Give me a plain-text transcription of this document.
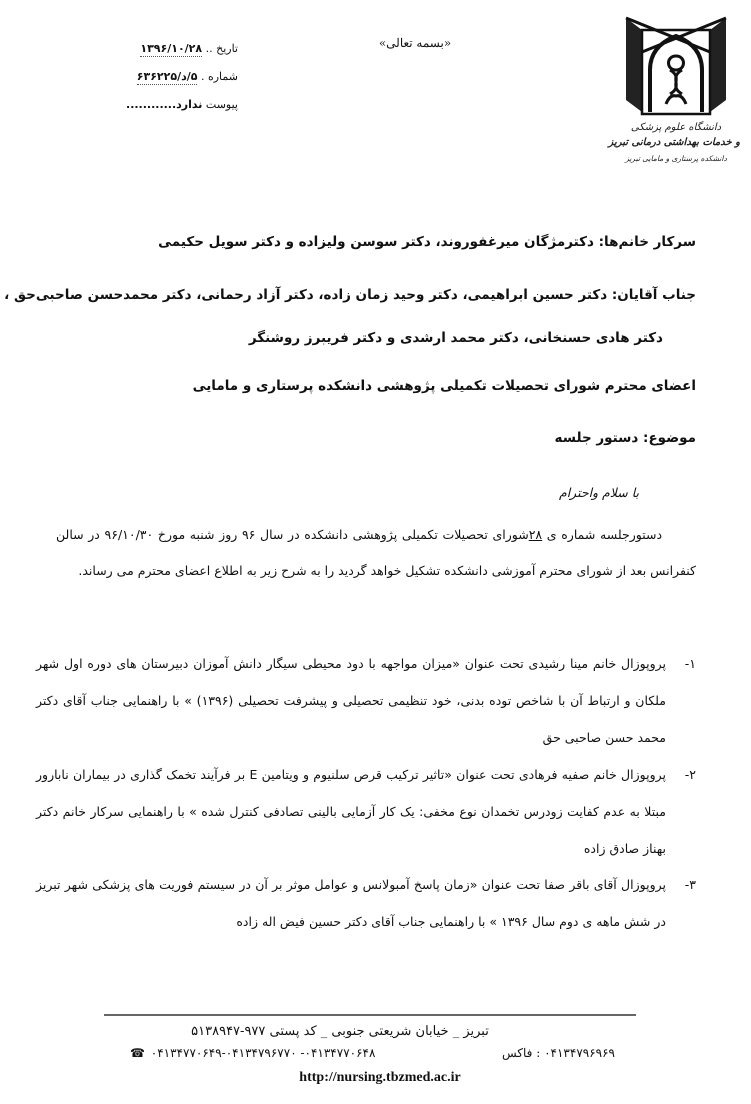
دانشگاه علوم پزشکی
و خدمات بهداشتی درمانی تبریز
دانشکده پرستاری و مامایی تبریز
«بسمه تعالی»
تاریخ .. ۱۳۹۶/۱۰/۲۸
شماره . ۵/د/۶۳۶۲۲۵
پیوست ندارد............
سرکار خانم‌ها: دکترمژگان میرغفوروند، دکتر سوسن ولیزاده و دکتر سویل حکیمی
جناب آقایان: دکتر حسین ابراهیمی، دکتر وحید زمان زاده، دکتر آزاد رحمانی، دکتر محمدحسن صاحبی‌حق ،
دکتر هادی حسنخانی، دکتر محمد ارشدی و دکتر فریبرز روشنگر
اعضای محترم شورای تحصیلات تکمیلی پژوهشی دانشکده پرستاری و مامایی
موضوع: دستور جلسه
با سلام واحترام
دستورجلسه شماره ی ۲۸شورای تحصیلات تکمیلی پژوهشی دانشکده در سال ۹۶ روز شنبه مورخ ۹۶/۱۰/۳۰ در سالن کنفرانس بعد از شورای محترم آموزشی دانشکده تشکیل خواهد گردید را به شرح زیر به اطلاع اعضای محترم می رساند.
۱-
پروپوزال خانم مینا رشیدی تحت عنوان «میزان مواجهه با دود محیطی سیگار دانش آموزان دبیرستان های دوره اول شهر ملکان و ارتباط آن با شاخص توده بدنی، خود تنظیمی تحصیلی و پیشرفت تحصیلی (۱۳۹۶) » با راهنمایی جناب آقای دکتر محمد حسن صاحبی حق
۲-
پروپوزال خانم صفیه فرهادی تحت عنوان «تاثیر ترکیب قرص سلنیوم و ویتامین E بر فرآیند تخمک گذاری در بیماران نابارور مبتلا به عدم کفایت زودرس تخمدان نوع مخفی: یک کار آزمایی بالینی تصادفی کنترل شده » با راهنمایی سرکار خانم دکتر بهناز صادق زاده
۳-
پروپوزال آقای باقر صفا تحت عنوان «زمان پاسخ آمبولانس و عوامل موثر بر آن در سیستم فوریت های پزشکی شهر تبریز در شش ماهه ی دوم سال ۱۳۹۶ » با راهنمایی جناب آقای دکتر حسین فیض اله زاده
تبریز _ خیابان شریعتی جنوبی _ کد پستی ۹۷۷-۵۱۳۸۹۴۷
۰۴۱۳۴۷۹۶۹۶۹ : فاکس
۰۴۱۳۴۷۷۰۶۴۸- ۰۴۱۳۴۷۷۰۶۴۹-۰۴۱۳۴۷۹۶۷۷۰ ☎
http://nursing.tbzmed.ac.ir
